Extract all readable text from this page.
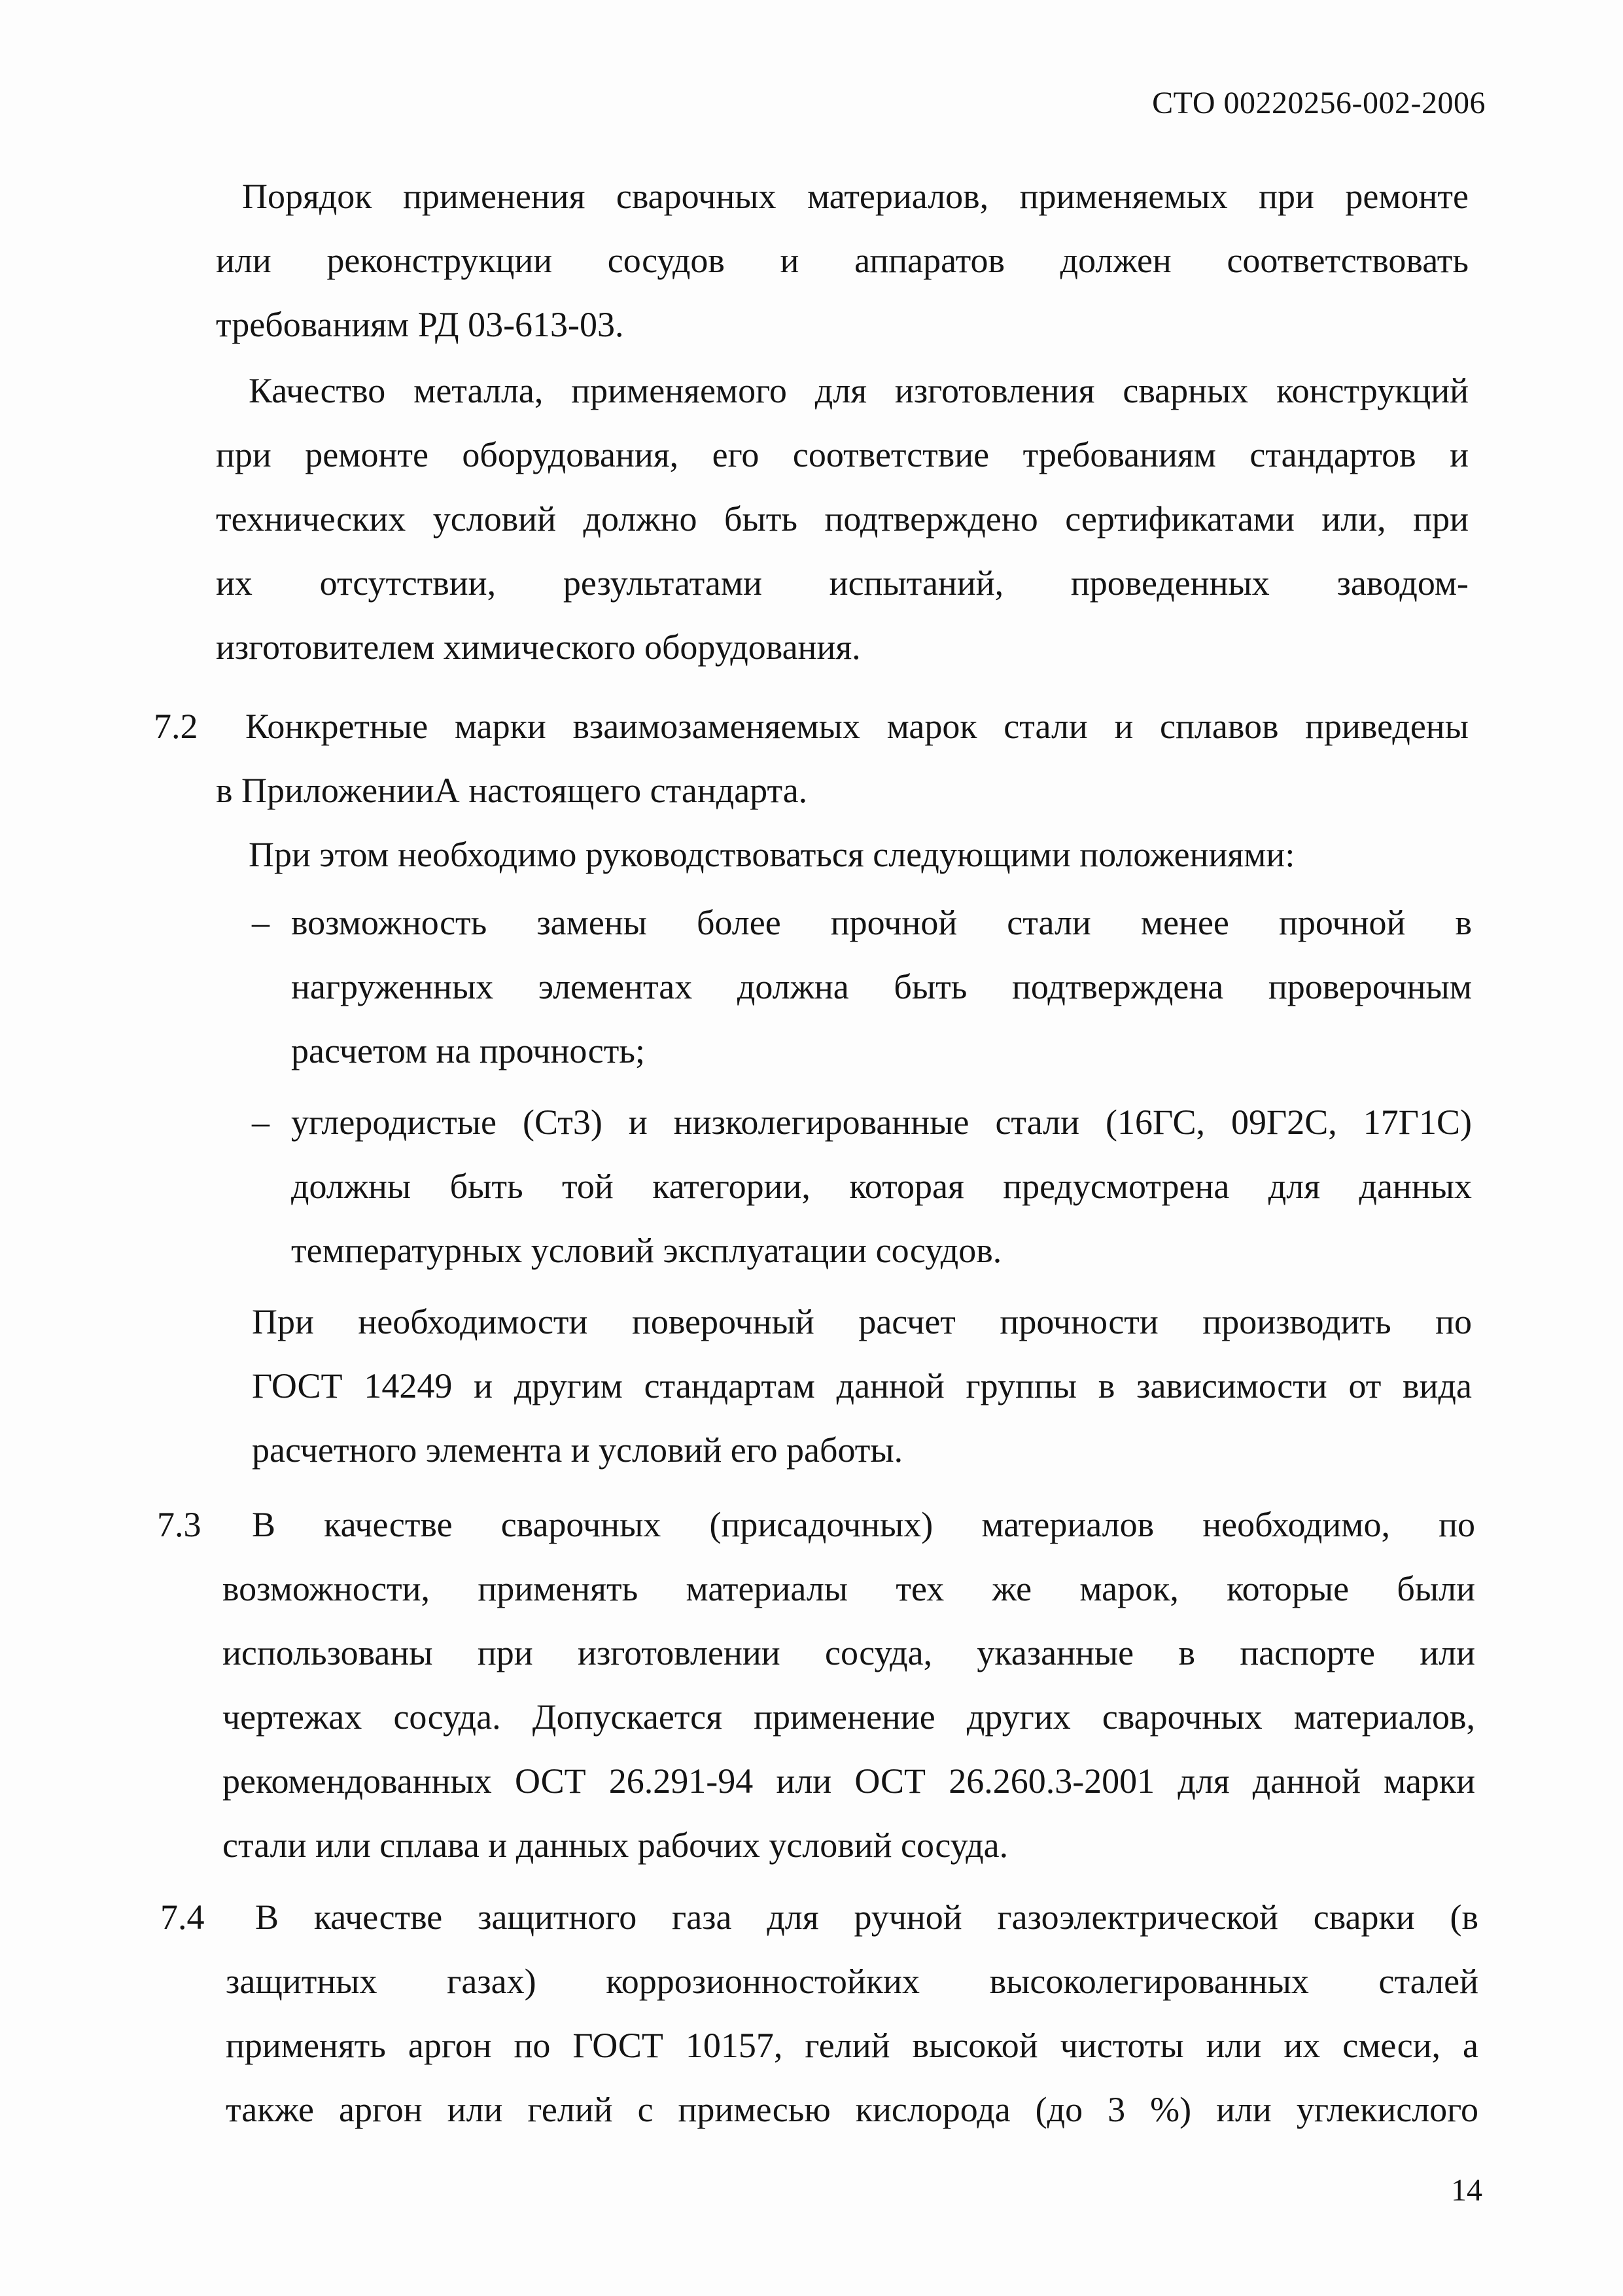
СТО 00220256-002-2006
Порядок применения сварочных материалов, применяемых при ремонте
или реконструкции сосудов и аппаратов должен соответствовать
требованиям РД 03-613-03.
Качество металла, применяемого для изготовления сварных конструкций
при ремонте оборудования, его соответствие требованиям стандартов и
технических условий должно быть подтверждено сертификатами или, при
их отсутствии, результатами испытаний, проведенных заводом-
изготовителем химического оборудования.
7.2 Конкретные марки взаимозаменяемых марок стали и сплавов приведены
в ПриложенииА настоящего стандарта.
При этом необходимо руководствоваться следующими положениями:
– возможность замены более прочной стали менее прочной в
нагруженных элементах должна быть подтверждена проверочным
расчетом на прочность;
– углеродистые (Ст3) и низколегированные стали (16ГС, 09Г2С, 17Г1С)
должны быть той категории, которая предусмотрена для данных
температурных условий эксплуатации сосудов.
При необходимости поверочный расчет прочности производить по
ГОСТ 14249 и другим стандартам данной группы в зависимости от вида
расчетного элемента и условий его работы.
7.3 В качестве сварочных (присадочных) материалов необходимо, по
возможности, применять материалы тех же марок, которые были
использованы при изготовлении сосуда, указанные в паспорте или
чертежах сосуда. Допускается применение других сварочных материалов,
рекомендованных ОСТ 26.291-94 или ОСТ 26.260.3-2001 для данной марки
стали или сплава и данных рабочих условий сосуда.
7.4 В качестве защитного газа для ручной газоэлектрической сварки (в
защитных газах) коррозионностойких высоколегированных сталей
применять аргон по ГОСТ 10157, гелий высокой чистоты или их смеси, а
также аргон или гелий с примесью кислорода (до 3 %) или углекислого
14
